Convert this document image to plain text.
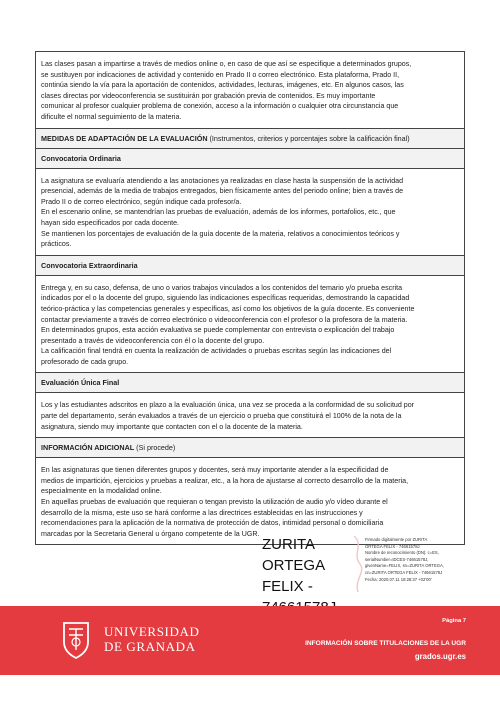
Las clases pasan a impartirse a través de medios online o, en caso de que así se especifique a determinados grupos,

se sustituyen por indicaciones de actividad y contenido en Prado II o correo electrónico. Esta plataforma, Prado II,

continúa siendo la vía para la aportación de contenidos, actividades, lecturas, imágenes, etc. En algunos casos, las

clases directas por videoconferencia se sustituirán por grabación previa de contenidos. Es muy importante

comunicar al profesor cualquier problema de conexión, acceso a la información o cualquier otra circunstancia que

dificulte el normal seguimiento de la materia.

MEDIDAS DE ADAPTACIÓN DE LA EVALUACIÓN (Instrumentos, criterios y porcentajes sobre la calificación final)
Convocatoria Ordinaria

La asignatura se evaluaría atendiendo a las anotaciones ya realizadas en clase hasta la suspensión de la actividad

presencial, además de la media de trabajos entregados, bien físicamente antes del periodo online; bien a través de

Prado II o de correo electrónico, según indique cada profesor/a.

En el escenario online, se mantendrían las pruebas de evaluación, además de los informes, portafolios, etc., que

hayan sido especificados por cada docente.

Se mantienen los porcentajes de evaluación de la guía docente de la materia, relativos a conocimientos teóricos y

prácticos.

Convocatoria Extraordinaria

Entrega y, en su caso, defensa, de uno o varios trabajos vinculados a los contenidos del temario y/o prueba escrita

indicados por el o la docente del grupo, siguiendo las indicaciones específicas requeridas, demostrando la capacidad

teórico-práctica y las competencias generales y específicas, así como los objetivos de la guía docente. Es conveniente

contactar previamente a través de correo electrónico o videoconferencia con el profesor o la profesora de la materia.

En determinados grupos, esta acción evaluativa se puede complementar con entrevista o explicación del trabajo

presentado a través de videoconferencia con él o la docente del grupo.

La calificación final tendrá en cuenta la realización de actividades o pruebas escritas según las indicaciones del

profesorado de cada grupo.

Evaluación Única Final

Los y las estudiantes adscritos en plazo a la evaluación única, una vez se proceda a la conformidad de su solicitud por

parte del departamento, serán evaluados a través de un ejercicio o prueba que constituirá el 100% de la nota de la

asignatura, siendo muy importante que contacten con el o la docente de la materia.

INFORMACIÓN ADICIONAL (Si procede)

En las asignaturas que tienen diferentes grupos y docentes, será muy importante atender a la especificidad de

medios de impartición, ejercicios y pruebas a realizar, etc., a la hora de ajustarse al correcto desarrollo de la materia,

especialmente en la modalidad online.

En aquellas pruebas de evaluación que requieran o tengan previsto la utilización de audio y/o vídeo durante el

desarrollo de la misma, este uso se hará conforme a las directrices establecidas en las instrucciones y

recomendaciones para la aplicación de la normativa de protección de datos, intimidad personal o domiciliaria

marcadas por la Secretaria General u órgano competente de la UGR.

ZURITA
ORTEGA FELIX -
Firmado digitalmente por ZURITA
ORTEGA FELIX - 74661578J
Nombre de reconocimiento (DN): c=ES,
serialNumber=IDCES-74661578J,
givenName=FELIX, sn=ZURITA ORTEGA,
cn=ZURITA ORTEGA FELIX - 74661578J
Fecha: 2020.07.11 18:28:37 +02'00'
UNIVERSIDAD
DE GRANADA
Página 7
INFORMACIÓN SOBRE TITULACIONES DE LA UGR
grados.ugr.es
